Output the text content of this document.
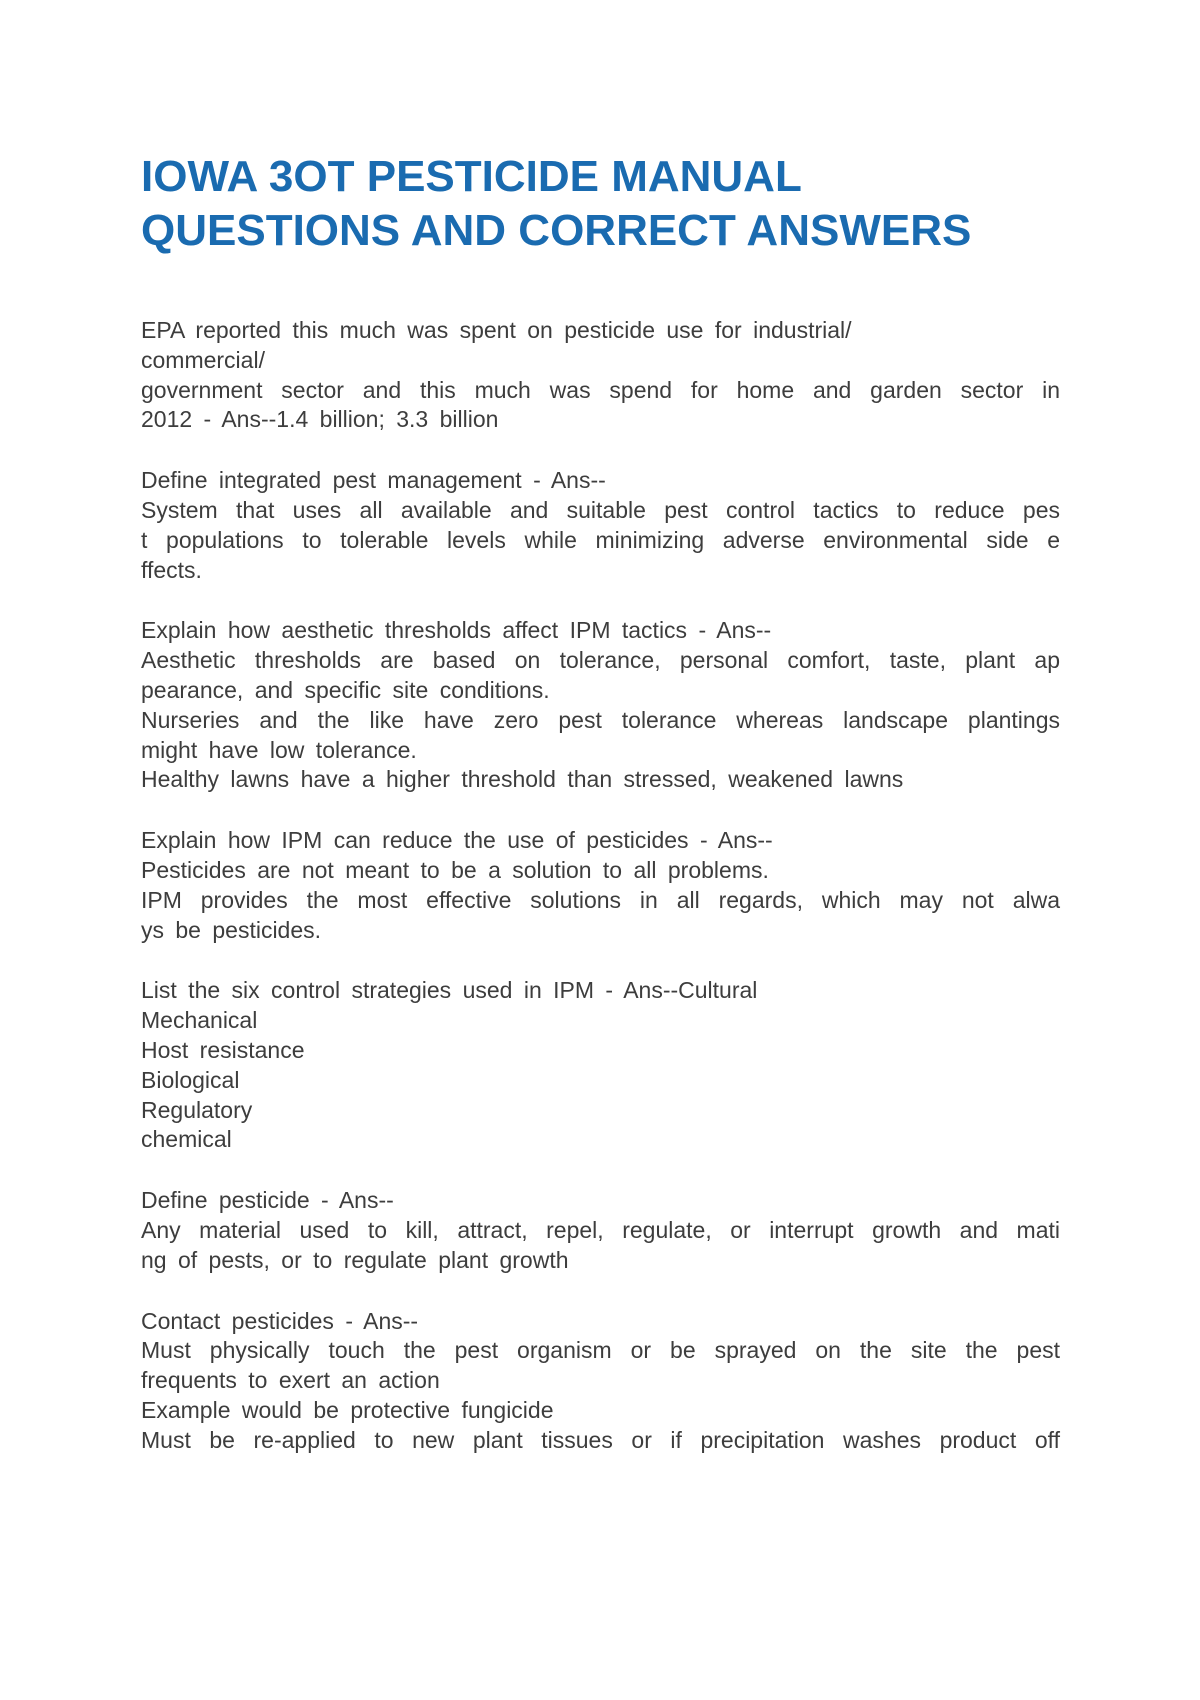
IOWA 3OT PESTICIDE MANUAL
QUESTIONS AND CORRECT ANSWERS
EPA reported this much was spent on pesticide use for industrial/
commercial/
government sector and this much was spend for home and garden sector in
2012 - Ans--1.4 billion; 3.3 billion
Define integrated pest management - Ans--
System that uses all available and suitable pest control tactics to reduce pes
t populations to tolerable levels while minimizing adverse environmental side e
ffects.
Explain how aesthetic thresholds affect IPM tactics - Ans--
Aesthetic thresholds are based on tolerance, personal comfort, taste, plant ap
pearance, and specific site conditions.
Nurseries and the like have zero pest tolerance whereas landscape plantings
might have low tolerance.
Healthy lawns have a higher threshold than stressed, weakened lawns
Explain how IPM can reduce the use of pesticides - Ans--
Pesticides are not meant to be a solution to all problems.
IPM provides the most effective solutions in all regards, which may not alwa
ys be pesticides.
List the six control strategies used in IPM - Ans--Cultural
Mechanical
Host resistance
Biological
Regulatory
chemical
Define pesticide - Ans--
Any material used to kill, attract, repel, regulate, or interrupt growth and mati
ng of pests, or to regulate plant growth
Contact pesticides - Ans--
Must physically touch the pest organism or be sprayed on the site the pest
frequents to exert an action
Example would be protective fungicide
Must be re-applied to new plant tissues or if precipitation washes product off
